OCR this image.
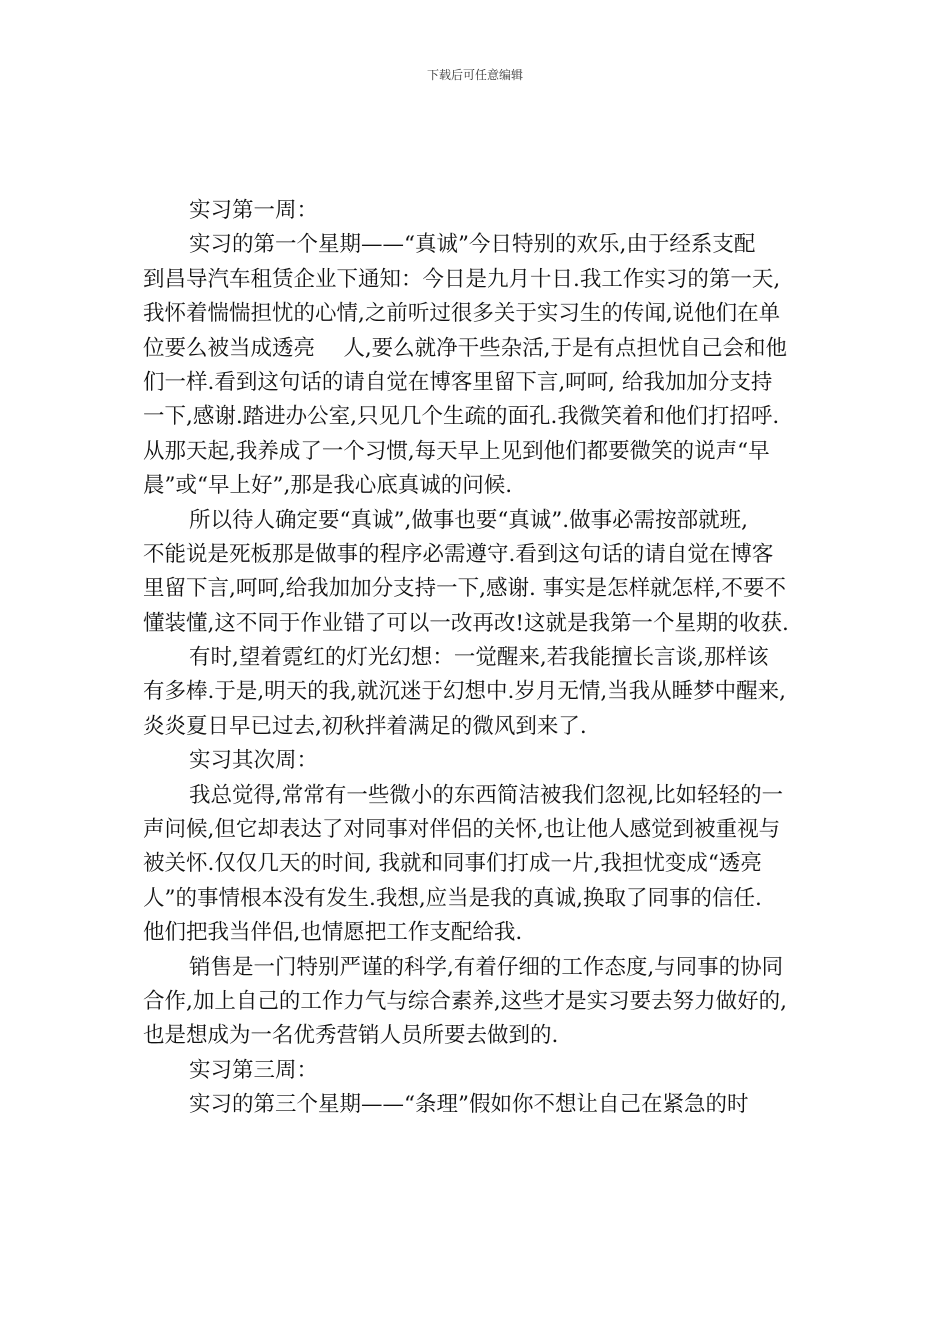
下载后可任意编辑
实习第一周：
实习的第一个星期——“真诚”今日特别的欢乐,由于经系支配
到昌导汽车租赁企业下通知：今日是九月十日.我工作实习的第一天,
我怀着惴惴担忧的心情,之前听过很多关于实习生的传闻,说他们在单
位要么被当成透亮　 人,要么就净干些杂活,于是有点担忧自己会和他
们一样.看到这句话的请自觉在博客里留下言,呵呵, 给我加加分支持
一下,感谢.踏进办公室,只见几个生疏的面孔.我微笑着和他们打招呼.
从那天起,我养成了一个习惯,每天早上见到他们都要微笑的说声“早
晨”或“早上好”,那是我心底真诚的问候.
所以待人确定要“真诚”,做事也要“真诚”.做事必需按部就班,
不能说是死板那是做事的程序必需遵守.看到这句话的请自觉在博客
里留下言,呵呵,给我加加分支持一下,感谢. 事实是怎样就怎样,不要不
懂装懂,这不同于作业错了可以一改再改!这就是我第一个星期的收获.
有时,望着霓红的灯光幻想：一觉醒来,若我能擅长言谈,那样该
有多棒.于是,明天的我,就沉迷于幻想中.岁月无情,当我从睡梦中醒来,
炎炎夏日早已过去,初秋拌着满足的微风到来了.
实习其次周：
我总觉得,常常有一些微小的东西简洁被我们忽视,比如轻轻的一
声问候,但它却表达了对同事对伴侣的关怀,也让他人感觉到被重视与
被关怀.仅仅几天的时间, 我就和同事们打成一片,我担忧变成“透亮
人”的事情根本没有发生.我想,应当是我的真诚,换取了同事的信任.
他们把我当伴侣,也情愿把工作支配给我.
销售是一门特别严谨的科学,有着仔细的工作态度,与同事的协同
合作,加上自己的工作力气与综合素养,这些才是实习要去努力做好的,
也是想成为一名优秀营销人员所要去做到的.
实习第三周：
实习的第三个星期——“条理”假如你不想让自己在紧急的时
